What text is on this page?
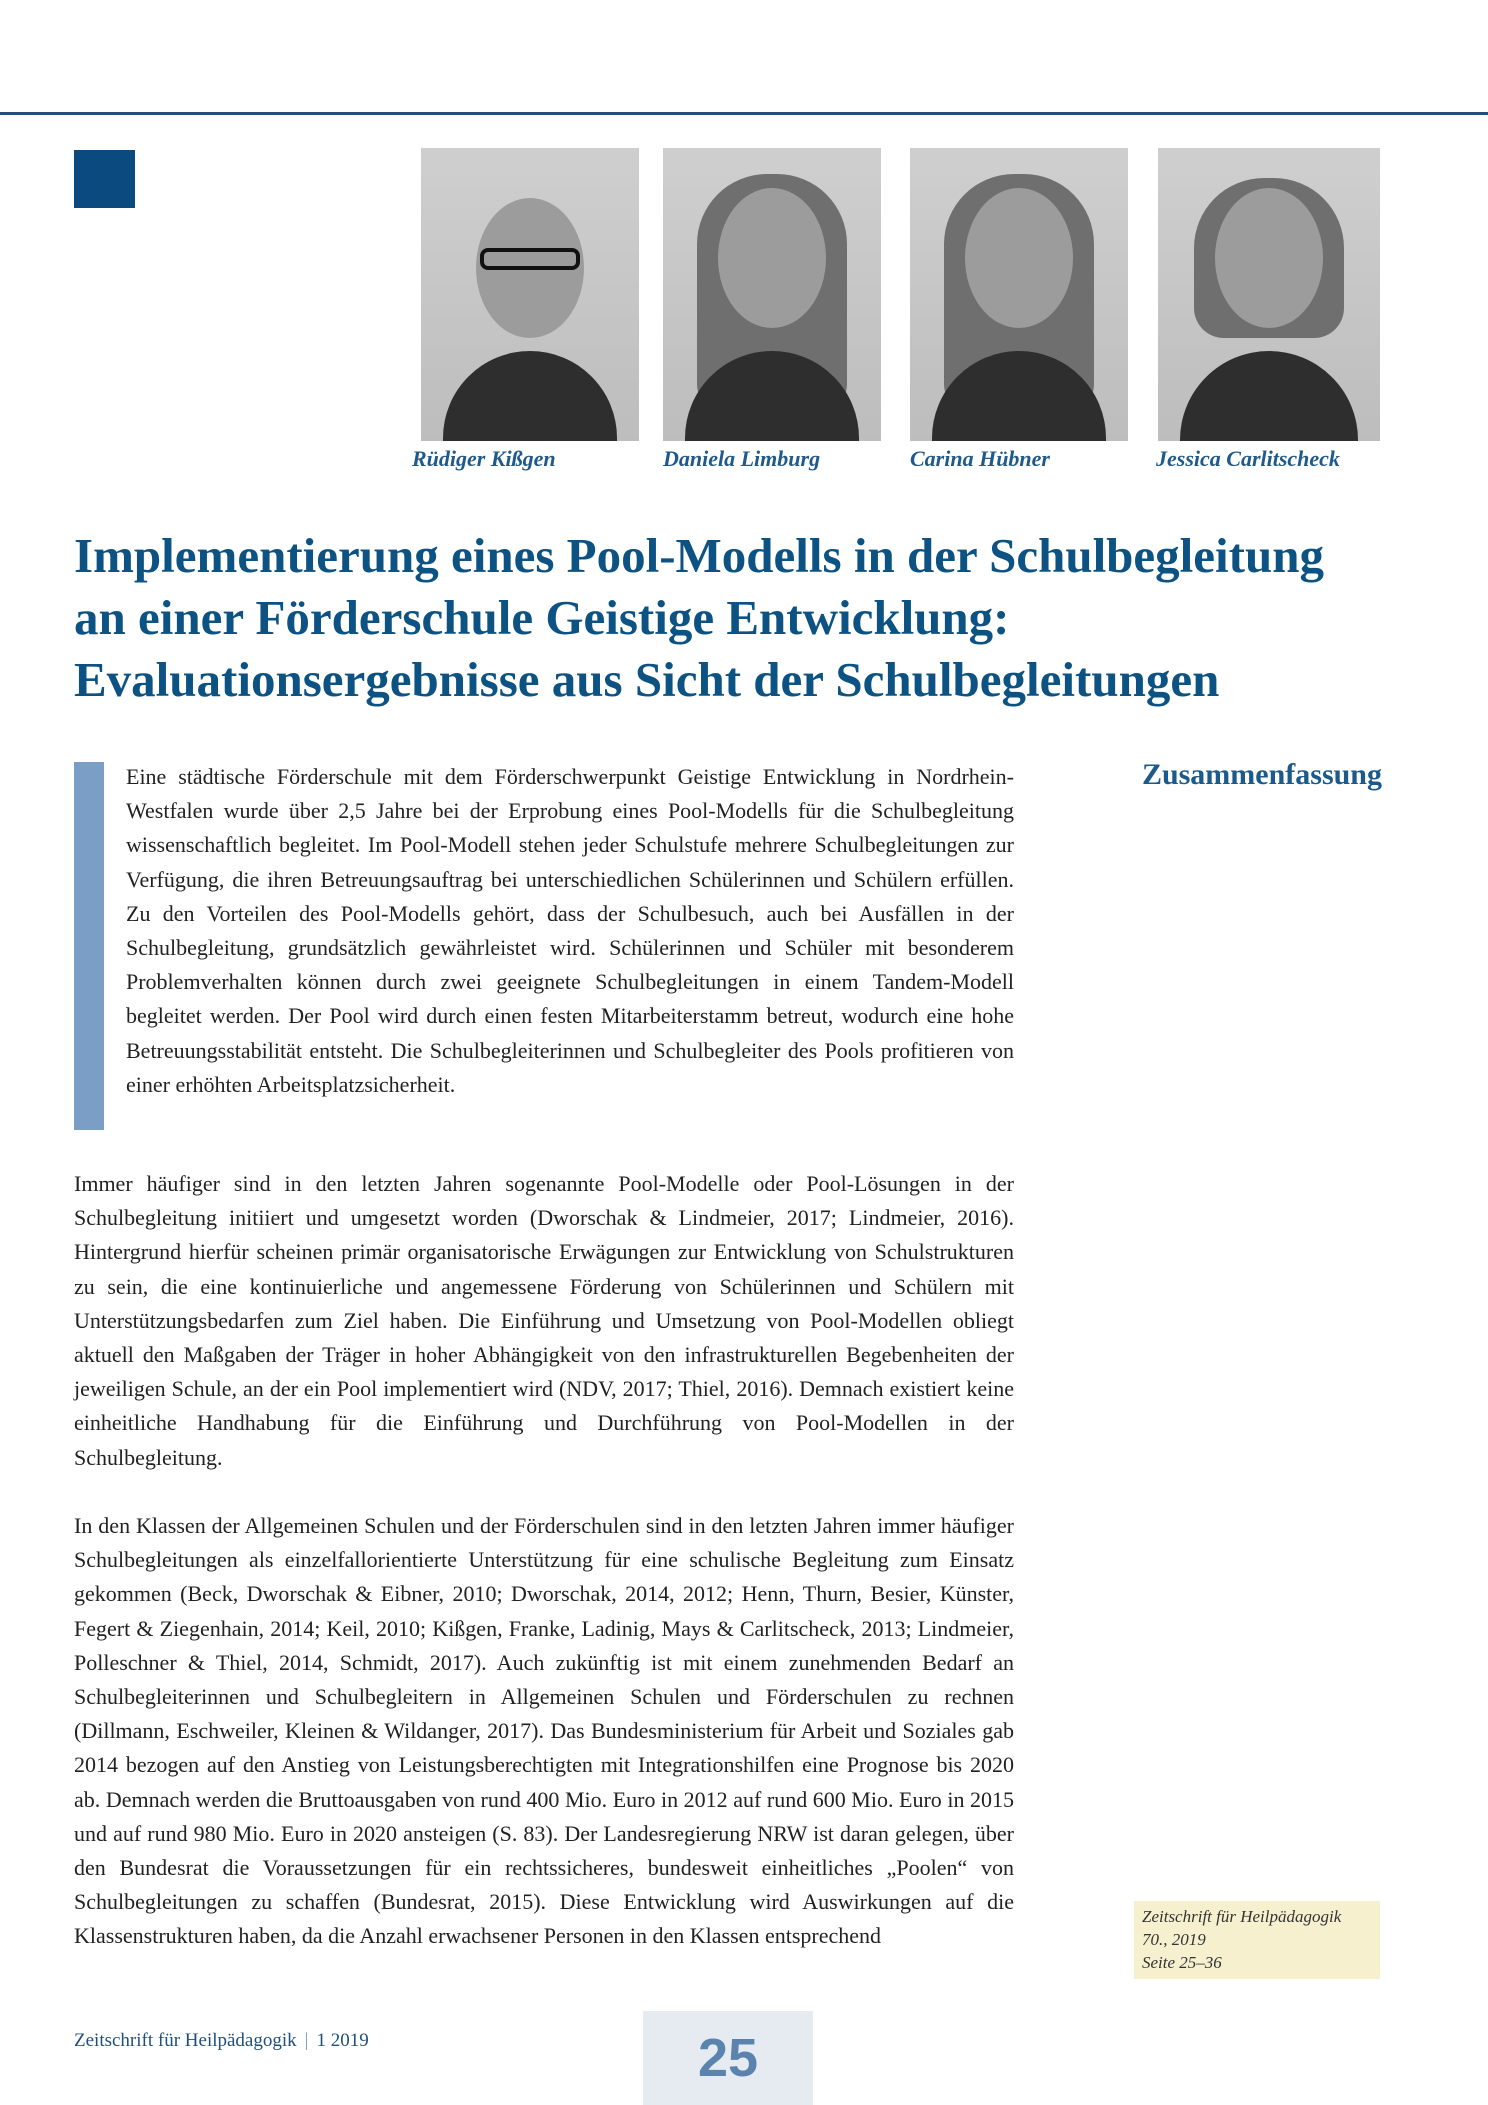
Rüdiger Kißgen	Daniela Limburg	Carina Hübner	Jessica Carlitscheck
Implementierung eines Pool-Modells in der Schulbegleitung
an einer Förderschule Geistige Entwicklung:
Evaluationsergebnisse aus Sicht der Schulbegleitungen

Eine städtische Förderschule mit dem Förderschwerpunkt Geistige Entwicklung in Nordrhein-Westfalen wurde über 2,5 Jahre bei der Erprobung eines Pool-Modells für die Schulbegleitung wissenschaftlich begleitet. Im Pool-Modell stehen jeder Schulstufe mehrere Schulbegleitungen zur Verfügung, die ihren Betreuungsauftrag bei unterschiedlichen Schülerinnen und Schülern erfüllen. Zu den Vorteilen des Pool-Modells gehört, dass der Schulbesuch, auch bei Ausfällen in der Schulbegleitung, grundsätzlich gewährleistet wird. Schülerinnen und Schüler mit besonderem Problemverhalten können durch zwei geeignete Schulbegleitungen in einem Tandem-Modell begleitet werden. Der Pool wird durch einen festen Mitarbeiterstamm betreut, wodurch eine hohe Betreuungsstabilität entsteht. Die Schulbegleiterinnen und Schulbegleiter des Pools profitieren von einer erhöhten Arbeitsplatzsicherheit.

Zusammenfassung

Immer häufiger sind in den letzten Jahren sogenannte Pool-Modelle oder Pool-Lösungen in der Schulbegleitung initiiert und umgesetzt worden (Dworschak & Lindmeier, 2017; Lindmeier, 2016). Hintergrund hierfür scheinen primär organisatorische Erwägungen zur Entwicklung von Schulstrukturen zu sein, die eine kontinuierliche und angemessene Förderung von Schülerinnen und Schülern mit Unterstützungsbedarfen zum Ziel haben. Die Einführung und Umsetzung von Pool-Modellen obliegt aktuell den Maßgaben der Träger in hoher Abhängigkeit von den infrastrukturellen Begebenheiten der jeweiligen Schule, an der ein Pool implementiert wird (NDV, 2017; Thiel, 2016). Demnach existiert keine einheitliche Handhabung für die Einführung und Durchführung von Pool-Modellen in der Schulbegleitung.

In den Klassen der Allgemeinen Schulen und der Förderschulen sind in den letzten Jahren immer häufiger Schulbegleitungen als einzelfallorientierte Unterstützung für eine schulische Begleitung zum Einsatz gekommen (Beck, Dworschak & Eibner, 2010; Dworschak, 2014, 2012; Henn, Thurn, Besier, Künster, Fegert & Ziegenhain, 2014; Keil, 2010; Kißgen, Franke, Ladinig, Mays & Carlitscheck, 2013; Lindmeier, Polleschner & Thiel, 2014, Schmidt, 2017). Auch zukünftig ist mit einem zunehmenden Bedarf an Schulbegleiterinnen und Schulbegleitern in Allgemeinen Schulen und Förderschulen zu rechnen (Dillmann, Eschweiler, Kleinen & Wildanger, 2017). Das Bundesministerium für Arbeit und Soziales gab 2014 bezogen auf den Anstieg von Leistungsberechtigten mit Integrationshilfen eine Prognose bis 2020 ab. Demnach werden die Bruttoausgaben von rund 400 Mio. Euro in 2012 auf rund 600 Mio. Euro in 2015 und auf rund 980 Mio. Euro in 2020 ansteigen (S. 83). Der Landesregierung NRW ist daran gelegen, über den Bundesrat die Voraussetzungen für ein rechtssicheres, bundesweit einheitliches „Poolen“ von Schulbegleitungen zu schaffen (Bundesrat, 2015). Diese Entwicklung wird Auswirkungen auf die Klassenstrukturen haben, da die Anzahl erwachsener Personen in den Klassen entsprechend

Zeitschrift für Heilpädagogik
70., 2019
Seite 25–36
Zeitschrift für Heilpädagogik | 1 2019	25
